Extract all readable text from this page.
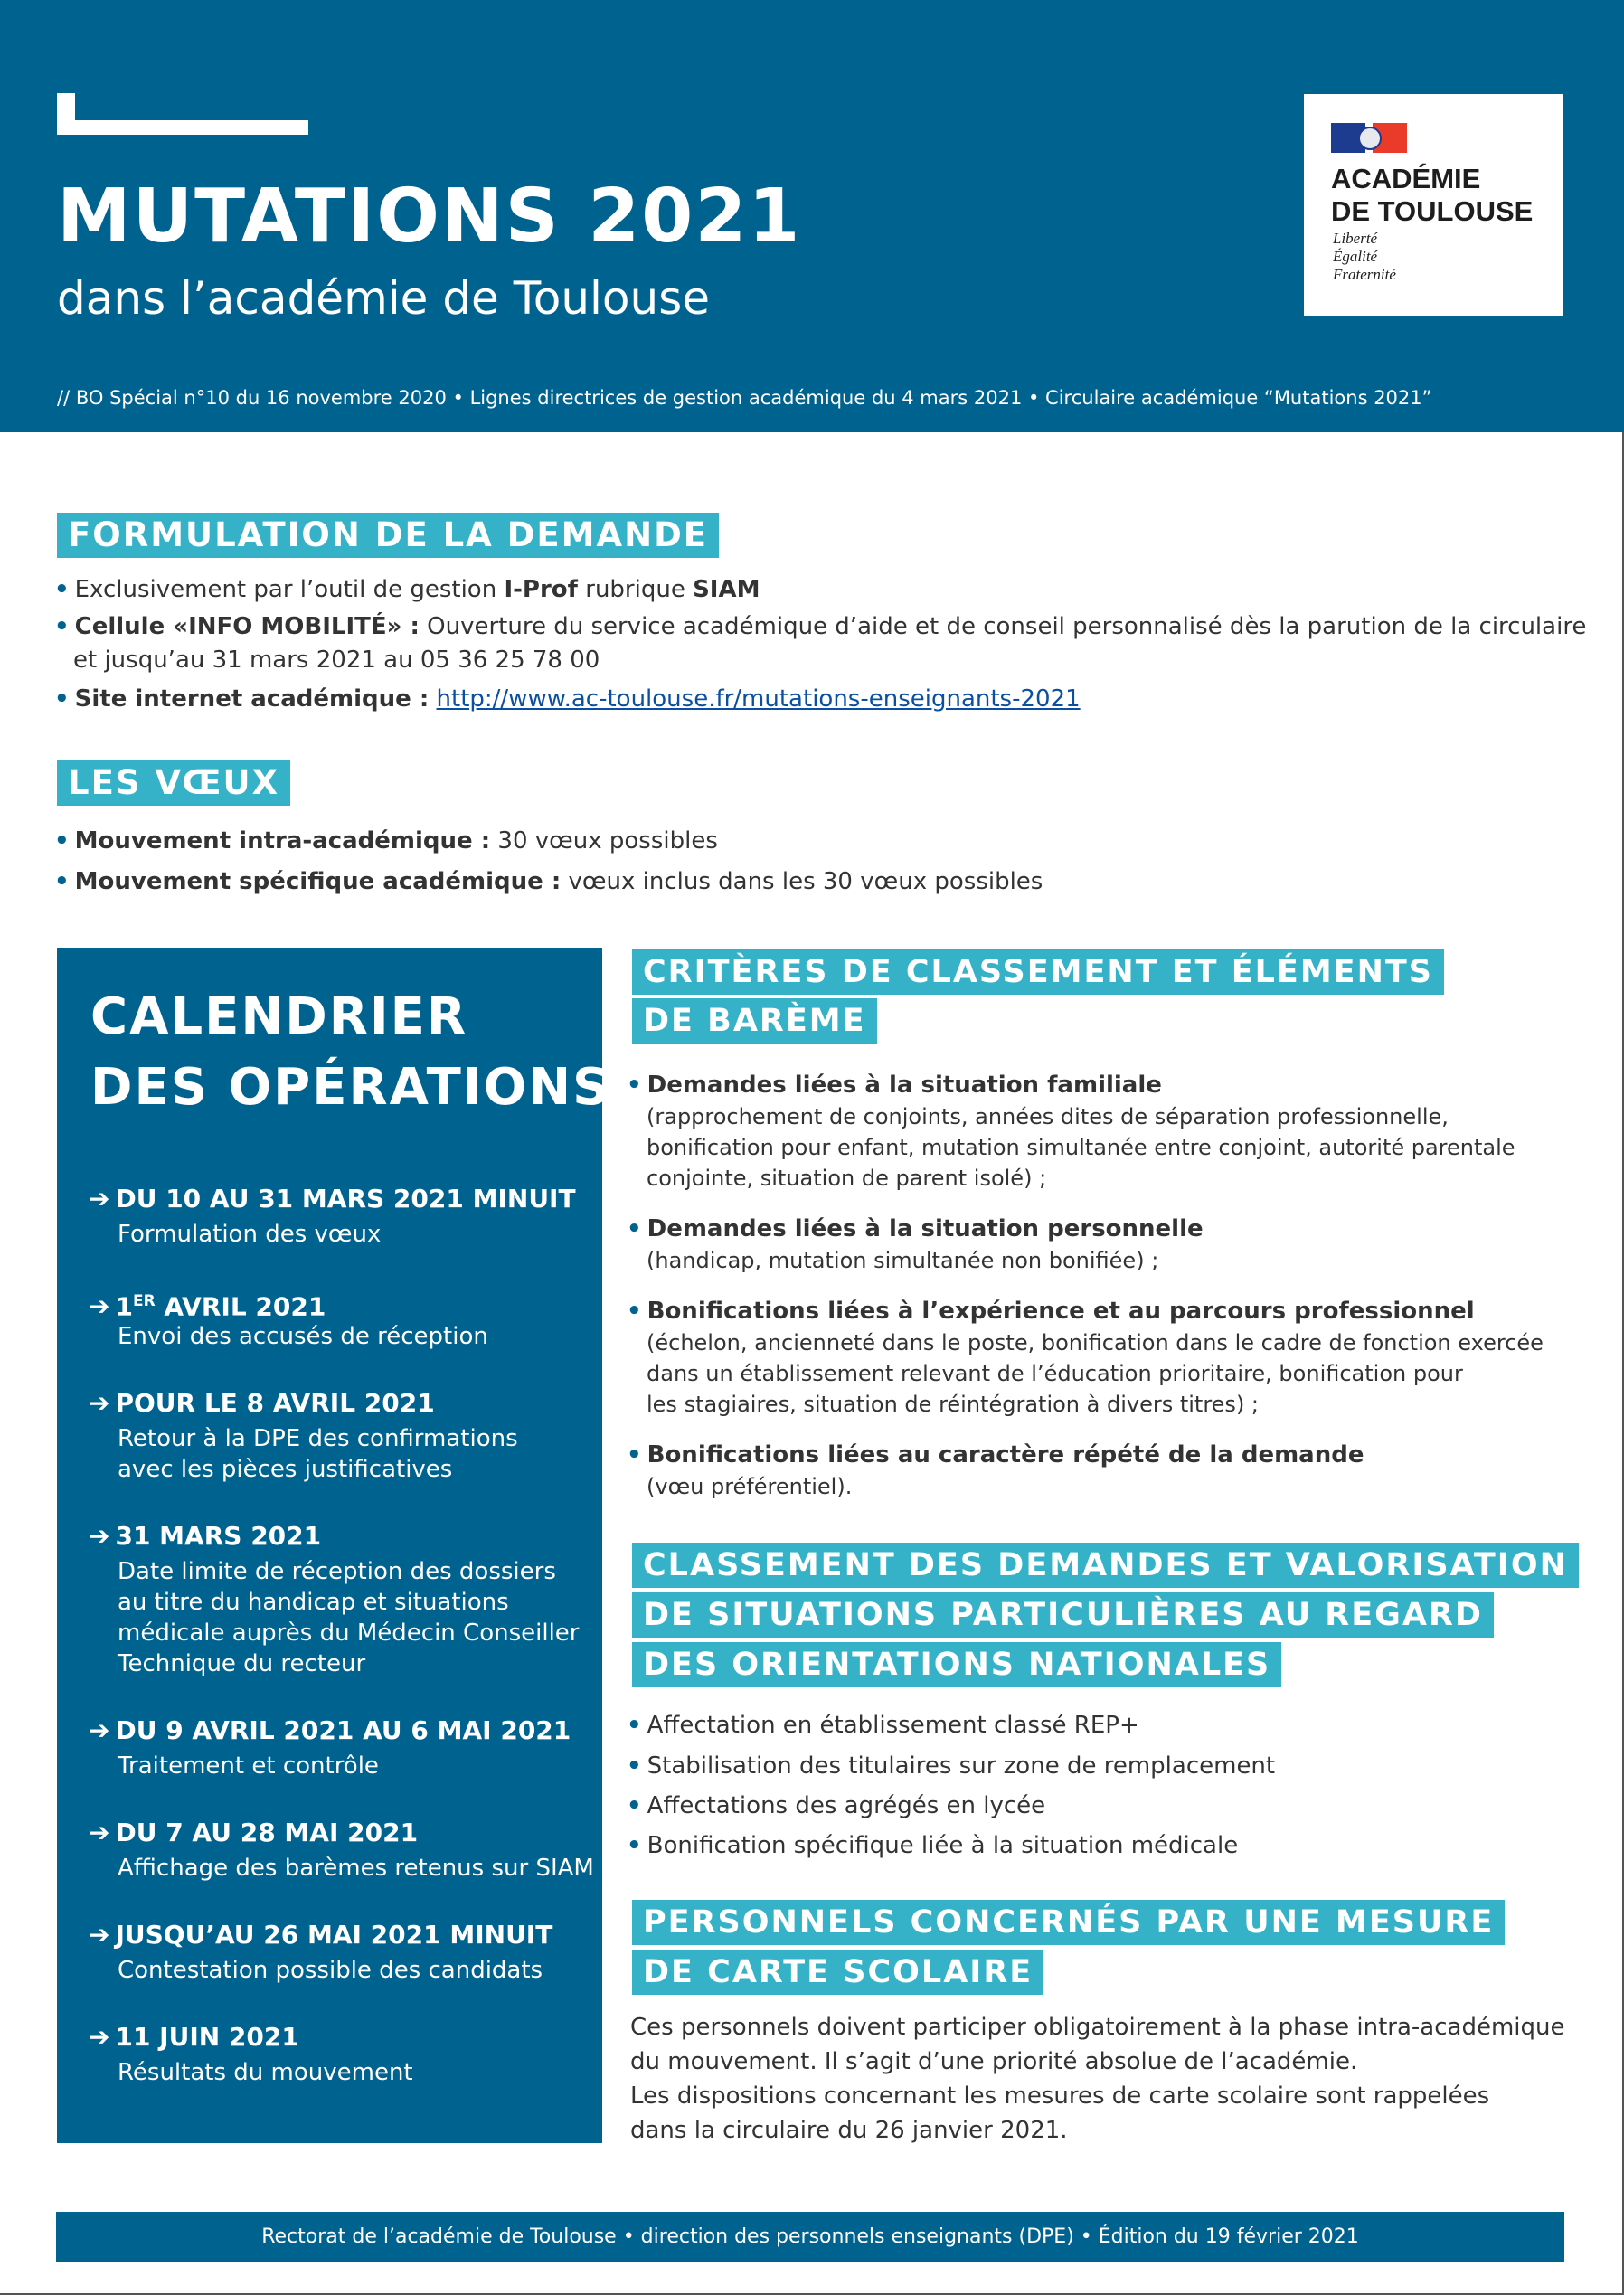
MUTATIONS 2021
dans l’académie de Toulouse
// BO Spécial n°10 du 16 novembre 2020 • Lignes directrices de gestion académique du 4 mars 2021 • Circulaire académique “Mutations 2021”
ACADÉMIE
DE TOULOUSE
Liberté
Égalité
Fraternité
FORMULATION DE LA DEMANDE
• Exclusivement par l’outil de gestion I-Prof rubrique SIAM
• Cellule «INFO MOBILITÉ» : Ouverture du service académique d’aide et de conseil personnalisé dès la parution de la circulaire
et jusqu’au 31 mars 2021 au 05 36 25 78 00
• Site internet académique : http://www.ac-toulouse.fr/mutations-enseignants-2021
LES VŒUX
• Mouvement intra-académique : 30 vœux possibles
• Mouvement spécifique académique : vœux inclus dans les 30 vœux possibles
CALENDRIER
DES OPÉRATIONS
➔ DU 10 AU 31 MARS 2021 MINUIT
Formulation des vœux
➔ 1ER AVRIL 2021
Envoi des accusés de réception
➔ POUR LE 8 AVRIL 2021
Retour à la DPE des confirmations
avec les pièces justificatives
➔ 31 MARS 2021
Date limite de réception des dossiers
au titre du handicap et situations
médicale auprès du Médecin Conseiller
Technique du recteur
➔ DU 9 AVRIL 2021 AU 6 MAI 2021
Traitement et contrôle
➔ DU 7 AU 28 MAI 2021
Affichage des barèmes retenus sur SIAM
➔ JUSQU’AU 26 MAI 2021 MINUIT
Contestation possible des candidats
➔ 11 JUIN 2021
Résultats du mouvement
CRITÈRES DE CLASSEMENT ET ÉLÉMENTS
DE BARÈME
• Demandes liées à la situation familiale
(rapprochement de conjoints, années dites de séparation professionnelle,
bonification pour enfant, mutation simultanée entre conjoint, autorité parentale
conjointe, situation de parent isolé) ;
• Demandes liées à la situation personnelle
(handicap, mutation simultanée non bonifiée) ;
• Bonifications liées à l’expérience et au parcours professionnel
(échelon, ancienneté dans le poste, bonification dans le cadre de fonction exercée
dans un établissement relevant de l’éducation prioritaire, bonification pour
les stagiaires, situation de réintégration à divers titres) ;
• Bonifications liées au caractère répété de la demande
(vœu préférentiel).
CLASSEMENT DES DEMANDES ET VALORISATION
DE SITUATIONS PARTICULIÈRES AU REGARD
DES ORIENTATIONS NATIONALES
• Affectation en établissement classé REP+
• Stabilisation des titulaires sur zone de remplacement
• Affectations des agrégés en lycée
• Bonification spécifique liée à la situation médicale
PERSONNELS CONCERNÉS PAR UNE MESURE
DE CARTE SCOLAIRE
Ces personnels doivent participer obligatoirement à la phase intra-académique
du mouvement. Il s’agit d’une priorité absolue de l’académie.
Les dispositions concernant les mesures de carte scolaire sont rappelées
dans la circulaire du 26 janvier 2021.
Rectorat de l’académie de Toulouse • direction des personnels enseignants (DPE) • Édition du 19 février 2021
